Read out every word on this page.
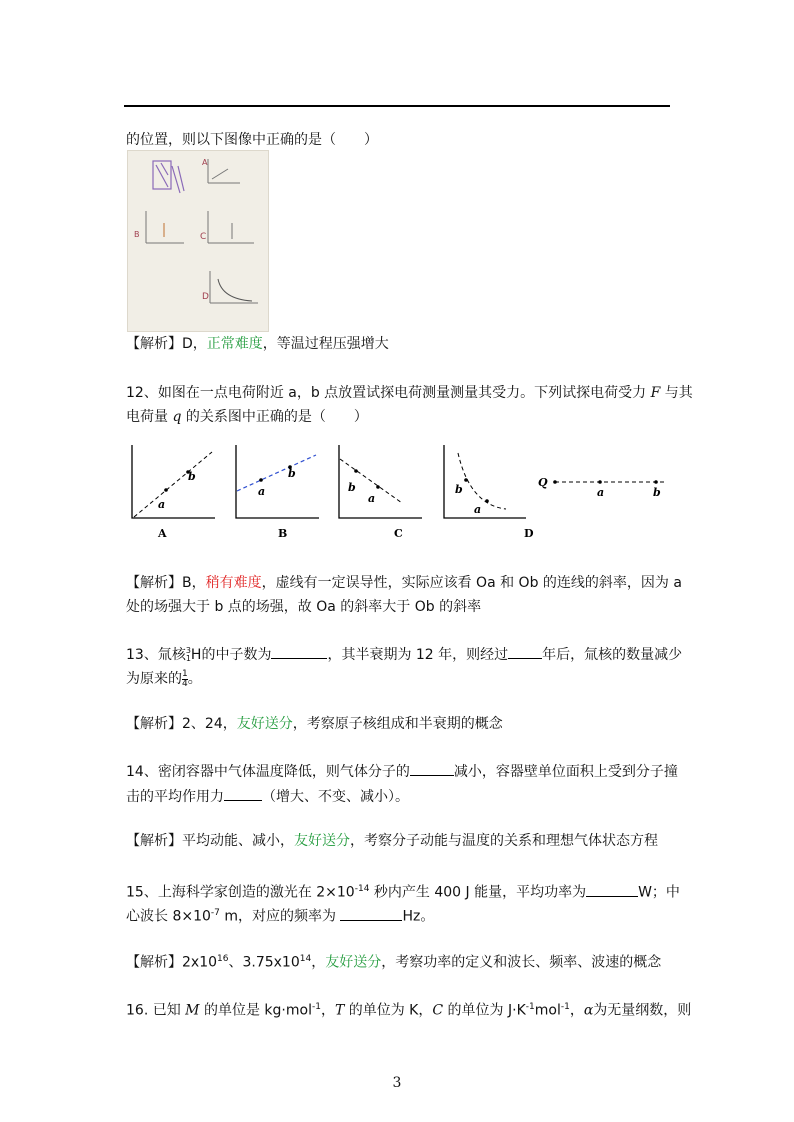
的位置，则以下图像中正确的是（　　）
A
B	C
D
【解析】D，正常难度，等温过程压强增大
12、如图在一点电荷附近 a，b 点放置试探电荷测量测量其受力。下列试探电荷受力 F 与其
电荷量 q 的关系图中正确的是（　　）
a
b
a
b
b
a
b
a
Q
a	b
A	B	C	D
【解析】B，稍有难度，虚线有一定误导性，实际应该看 Oa 和 Ob 的连线的斜率，因为 a
处的场强大于 b 点的场强，故 Oa 的斜率大于 Ob 的斜率
13、氚核 3
1 H的中子数为	，其半衰期为 12 年，则经过 年后，氚核的数量减少
为原来的 $\frac{1}{4}$ 。
【解析】2、24，友好送分，考察原子核组成和半衰期的概念
14、密闭容器中气体温度降低，则气体分子的	减小，容器壁单位面积上受到分子撞
击的平均作用力	（增大、不变、减小）。
【解析】平均动能、减小，友好送分，考察分子动能与温度的关系和理想气体状态方程
15、上海科学家创造的激光在 $2\times 10^{-14}$ 秒内产生 400 J 能量，平均功率为	W；中
心波长 $8\times 10^{-7}$ m，对应的频率为	Hz。
【解析】$2x10^{16}$、$3.75x10^{14}$，友好送分，考察功率的定义和波长、频率、波速的概念
16. 已知 M 的单位是 kg·mol$^{-1}$，T 的单位为 K，C 的单位为 $J\cdot K^{-1}mol^{-1}$，α为无量纲数，则
3
